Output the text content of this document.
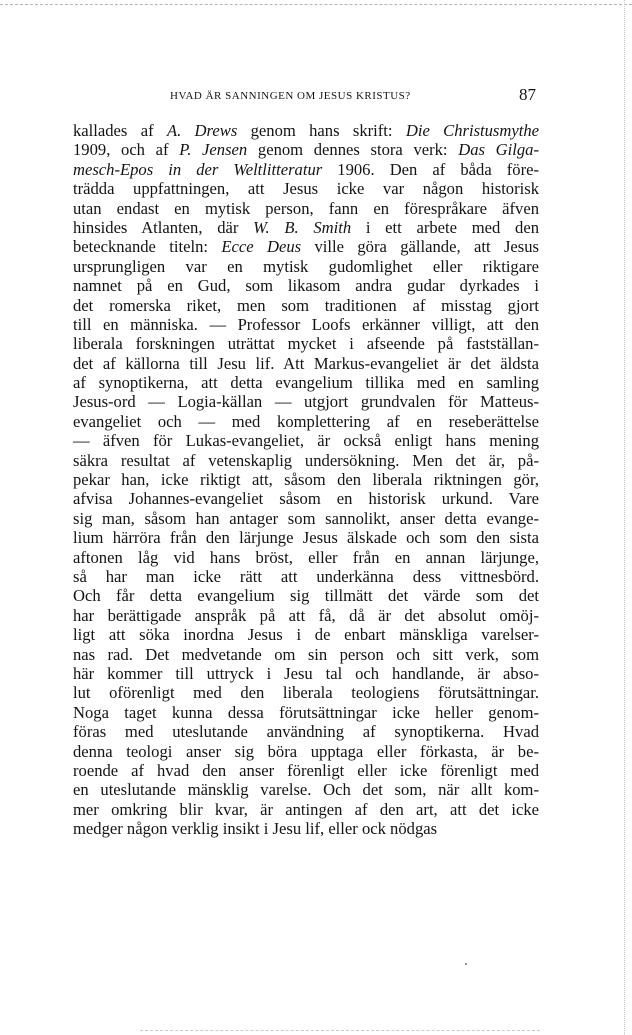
HVAD ÄR SANNINGEN OM JESUS KRISTUS?	87
kallades af A. Drews genom hans skrift: Die Christusmythe
1909, och af P. Jensen genom dennes stora verk: Das Gilga-
mesch-Epos in der Weltlitteratur 1906. Den af båda före-
trädda uppfattningen, att Jesus icke var någon historisk
utan endast en mytisk person, fann en förespråkare äfven
hinsides Atlanten, där W. B. Smith i ett arbete med den
betecknande titeln: Ecce Deus ville göra gällande, att Jesus
ursprungligen var en mytisk gudomlighet eller riktigare
namnet på en Gud, som likasom andra gudar dyrkades i
det romerska riket, men som traditionen af misstag gjort
till en människa. — Professor Loofs erkänner villigt, att den
liberala forskningen uträttat mycket i afseende på fastställan-
det af källorna till Jesu lif. Att Markus-evangeliet är det äldsta
af synoptikerna, att detta evangelium tillika med en samling
Jesus-ord — Logia-källan — utgjort grundvalen för Matteus-
evangeliet och — med komplettering af en reseberättelse
— äfven för Lukas-evangeliet, är också enligt hans mening
säkra resultat af vetenskaplig undersökning. Men det är, på-
pekar han, icke riktigt att, såsom den liberala riktningen gör,
afvisa Johannes-evangeliet såsom en historisk urkund. Vare
sig man, såsom han antager som sannolikt, anser detta evange-
lium härröra från den lärjunge Jesus älskade och som den sista
aftonen låg vid hans bröst, eller från en annan lärjunge,
så har man icke rätt att underkänna dess vittnesbörd.
Och får detta evangelium sig tillmätt det värde som det
har berättigade anspråk på att få, då är det absolut omöj-
ligt att söka inordna Jesus i de enbart mänskliga varelser-
nas rad. Det medvetande om sin person och sitt verk, som
här kommer till uttryck i Jesu tal och handlande, är abso-
lut oförenligt med den liberala teologiens förutsättningar.
Noga taget kunna dessa förutsättningar icke heller genom-
föras med uteslutande användning af synoptikerna. Hvad
denna teologi anser sig böra upptaga eller förkasta, är be-
roende af hvad den anser förenligt eller icke förenligt med
en uteslutande mänsklig varelse. Och det som, när allt kom-
mer omkring blir kvar, är antingen af den art, att det icke
medger någon verklig insikt i Jesu lif, eller ock nödgas
